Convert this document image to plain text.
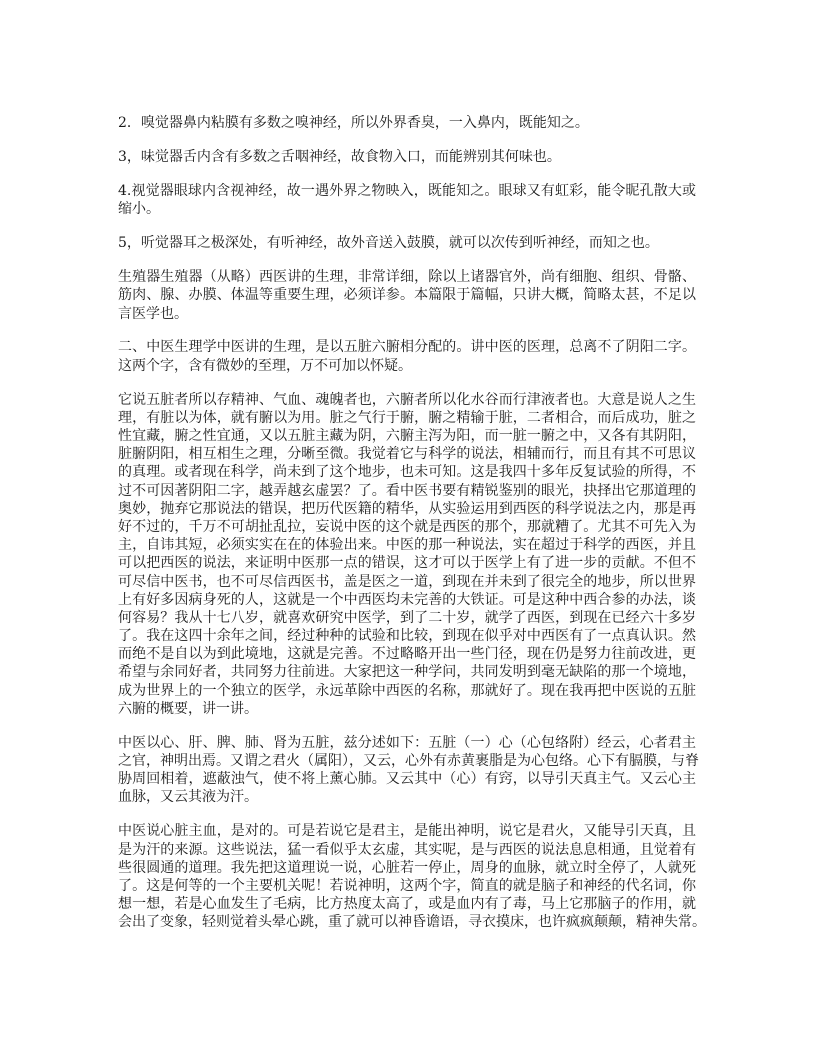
2．嗅觉器鼻内粘膜有多数之嗅神经，所以外界香臭，一入鼻内，既能知之。
3，味觉器舌内含有多数之舌咽神经，故食物入口，而能辨别其何味也。
4.视觉器眼球内含视神经，故一遇外界之物映入，既能知之。眼球又有虹彩，能令昵孔散大或
缩小。
5，听觉器耳之极深处，有听神经，故外音送入鼓膜，就可以次传到听神经，而知之也。
生殖器生殖器（从略）西医讲的生理，非常详细，除以上诸器官外，尚有细胞、组织、骨骼、
筋肉、腺、办膜、体温等重要生理，必须详参。本篇限于篇幅，只讲大概，简略太甚，不足以
言医学也。
二、中医生理学中医讲的生理，是以五脏六腑相分配的。讲中医的医理，总离不了阴阳二字。
这两个字，含有微妙的至理，万不可加以怀疑。
它说五脏者所以存精神、气血、魂魄者也，六腑者所以化水谷而行津液者也。大意是说人之生
理，有脏以为体，就有腑以为用。脏之气行于腑，腑之精输于脏，二者相合，而后成功，脏之
性宜藏，腑之性宜通，又以五脏主藏为阴，六腑主泻为阳，而一脏一腑之中，又各有其阴阳，
脏腑阴阳，相互相生之理，分晰至微。我觉着它与科学的说法，相辅而行，而且有其不可思议
的真理。或者现在科学，尚未到了这个地步，也未可知。这是我四十多年反复试验的所得，不
过不可因著阴阳二字，越弄越玄虚罢？了。看中医书要有精锐鉴别的眼光，抉择出它那道理的
奥妙，抛弃它那说法的错误，把历代医籍的精华，从实验运用到西医的科学说法之内，那是再
好不过的，千万不可胡扯乱拉，妄说中医的这个就是西医的那个，那就糟了。尤其不可先入为
主，自讳其短，必须实实在在的体验出来。中医的那一种说法，实在超过于科学的西医，并且
可以把西医的说法，来证明中医那一点的错误，这才可以于医学上有了进一步的贡献。不但不
可尽信中医书，也不可尽信西医书，盖是医之一道，到现在并未到了很完全的地步，所以世界
上有好多因病身死的人，这就是一个中西医均未完善的大铁证。可是这种中西合参的办法，谈
何容易？我从十七八岁，就喜欢研究中医学，到了二十岁，就学了西医，到现在已经六十多岁
了。我在这四十余年之间，经过种种的试验和比较，到现在似乎对中西医有了一点真认识。然
而绝不是自以为到此境地，这就是完善。不过略略开出一些门径，现在仍是努力往前改进，更
希望与余同好者，共同努力往前进。大家把这一种学问，共同发明到毫无缺陷的那一个境地，
成为世界上的一个独立的医学，永远革除中西医的名称，那就好了。现在我再把中医说的五脏
六腑的概要，讲一讲。
中医以心、肝、脾、肺、肾为五脏，兹分述如下：五脏（一）心（心包络附）经云，心者君主
之官，神明出焉。又谓之君火（属阳），又云，心外有赤黄裹脂是为心包络。心下有膈膜，与脊
胁周回相着，遮蔽浊气，使不将上薰心肺。又云其中（心）有窍，以导引天真主气。又云心主
血脉，又云其液为汗。
中医说心脏主血，是对的。可是若说它是君主，是能出神明，说它是君火，又能导引天真，且
是为汗的来源。这些说法，猛一看似乎太玄虚，其实呢，是与西医的说法息息相通，且觉着有
些很圆通的道理。我先把这道理说一说，心脏若一停止，周身的血脉，就立时全停了，人就死
了。这是何等的一个主要机关呢！若说神明，这两个字，简直的就是脑子和神经的代名词，你
想一想，若是心血发生了毛病，比方热度太高了，或是血内有了毒，马上它那脑子的作用，就
会出了变象，轻则觉着头晕心跳，重了就可以神昏谵语，寻衣摸床，也许疯疯颠颠，精神失常。
